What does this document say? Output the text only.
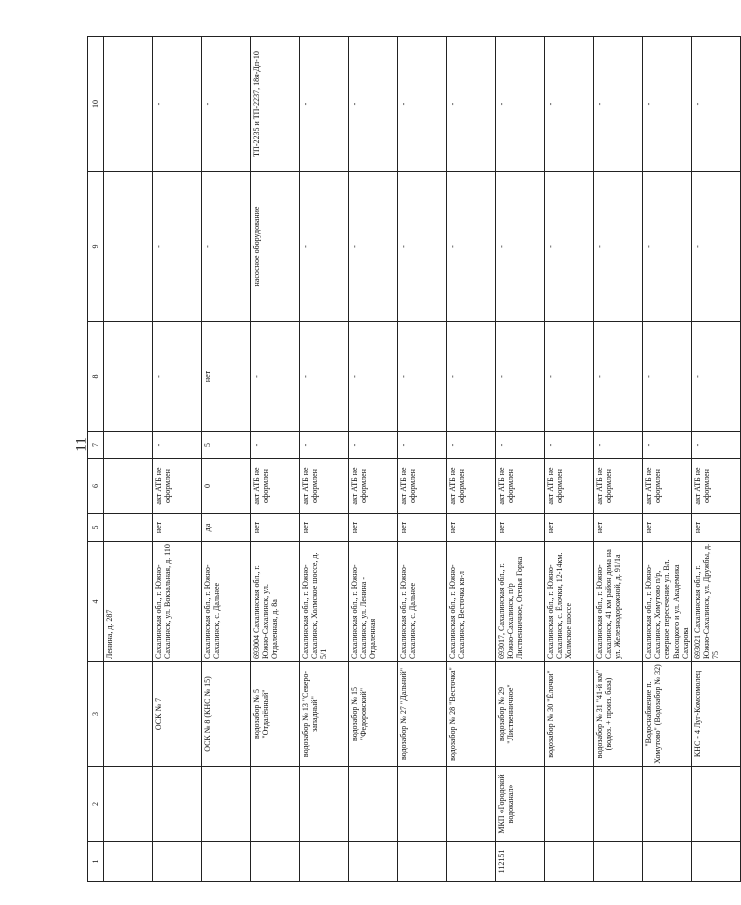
11
1	2	3	4	5	6	7	8	9	10
			Ленина, д. 287						
		ОСК № 7	Сахалинская обл., г. Южно-Сахалинск, ул. Вокзальная, д. 110	нет	акт АТБ не оформлен	-	-	-	-
		ОСК № 8 (КНС № 15)	Сахалинская обл., г. Южно-Сахалинск, с. Дальнее	да	0	5	нет	-	-
		водозабор № 5 "Отдалённый"	693004 Сахалинская обл., г. Южно-Сахалинск, ул. Отдаленная, д. 8а	нет	акт АТБ не оформлен	-	-	насосное оборудование	ТП-2235 и ТП-2237, 18я-Дп-10
		водозабор № 13 "Северо-западный"	Сахалинская обл., г. Южно-Сахалинск, Холмское шоссе, д. 5/1	нет	акт АТБ не оформлен	-	-	-	-
		водозабор № 15 "Федоровский"	Сахалинская обл., г. Южно-Сахалинск, ул. Ленина - Отдаленная	нет	акт АТБ не оформлен	-	-	-	-
		водозабор № 27 "Дальний"	Сахалинская обл., г. Южно-Сахалинск, с. Дальнее	нет	акт АТБ не оформлен	-	-	-	-
		водозабор № 28 "Весточка"	Сахалинская обл., г. Южно-Сахалинск, Весточка кв-л	нет	акт АТБ не оформлен	-	-	-	-
112151	МКП «Городской водоканал»	водозабор № 29 "Лиственничное"	693017, Сахалинская обл., г. Южно-Сахалинск, п/р Лиственничное, Огенья Горка	нет	акт АТБ не оформлен	-	-	-	-
		водозабор № 30 "Ёлочки"	Сахалинская обл., г. Южно-Сахалинск, с. Ёлочки, 12-14км. Холмское шоссе	нет	акт АТБ не оформлен	-	-	-	-
		водозабор № 31 "41-й км" (водоз. + произ. база)	Сахалинская обл., г. Южно-Сахалинск, 41 км район дома на ул. Железнодорожной, д. 91/1а	нет	акт АТБ не оформлен	-	-	-	-
		"Водоснабжение п. Хомутово" (Водозабор № 32)	Сахалинская обл., г. Южно-Сахалинск, Хомутово п/р, северное пересечение ул. Вл. Высоцкого и ул. Академика Сахарова	нет	акт АТБ не оформлен	-	-	-	-
		КНС - 4 Луг-Комсомолец	693021 Сахалинская обл., г. Южно-Сахалинск, ул. Дружбы, д. 75	нет	акт АТБ не оформлен	-	-	-	-
